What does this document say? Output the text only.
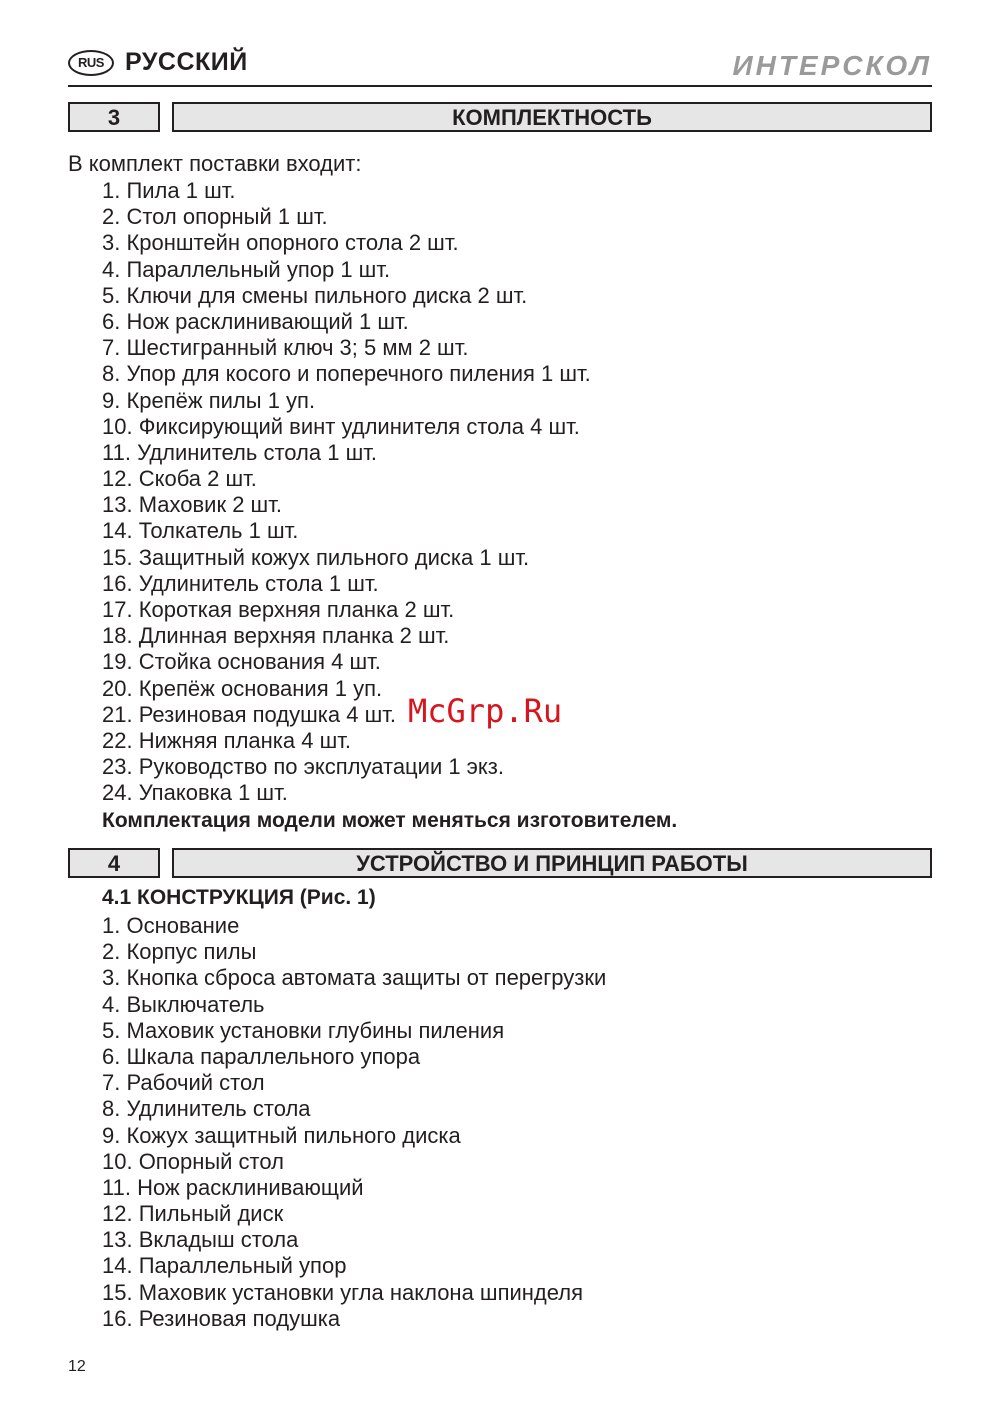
RUS РУССКИЙ	ИНТЕРСКОЛ
3	КОМПЛЕКТНОСТЬ
В комплект поставки входит:
1. Пила 1 шт.
2. Стол опорный 1 шт.
3. Кронштейн опорного стола 2 шт.
4. Параллельный упор 1 шт.
5. Ключи для смены пильного диска 2 шт.
6. Нож расклинивающий 1 шт.
7. Шестигранный ключ 3; 5 мм 2 шт.
8. Упор для косого и поперечного пиления 1 шт.
9. Крепёж пилы 1 уп.
10. Фиксирующий винт удлинителя стола 4 шт.
11. Удлинитель стола 1 шт.
12. Скоба 2 шт.
13. Маховик 2 шт.
14. Толкатель 1 шт.
15. Защитный кожух пильного диска 1 шт.
16. Удлинитель стола 1 шт.
17. Короткая верхняя планка 2 шт.
18. Длинная верхняя планка 2 шт.
19. Стойка основания 4 шт.
20. Крепёж основания 1 уп.
21. Резиновая подушка 4 шт.
22. Нижняя планка 4 шт.
23. Руководство по эксплуатации 1 экз.
24. Упаковка 1 шт.
Комплектация модели может меняться изготовителем.
4	УСТРОЙСТВО И ПРИНЦИП РАБОТЫ
4.1 КОНСТРУКЦИЯ (Рис. 1)
1. Основание
2. Корпус пилы
3. Кнопка сброса автомата защиты от перегрузки
4. Выключатель
5. Маховик установки глубины пиления
6. Шкала параллельного упора
7. Рабочий стол
8. Удлинитель стола
9. Кожух защитный пильного диска
10. Опорный стол
11. Нож расклинивающий
12. Пильный диск
13. Вкладыш стола
14. Параллельный упор
15. Маховик установки угла наклона шпинделя
16. Резиновая подушка
McGrp.Ru
12
